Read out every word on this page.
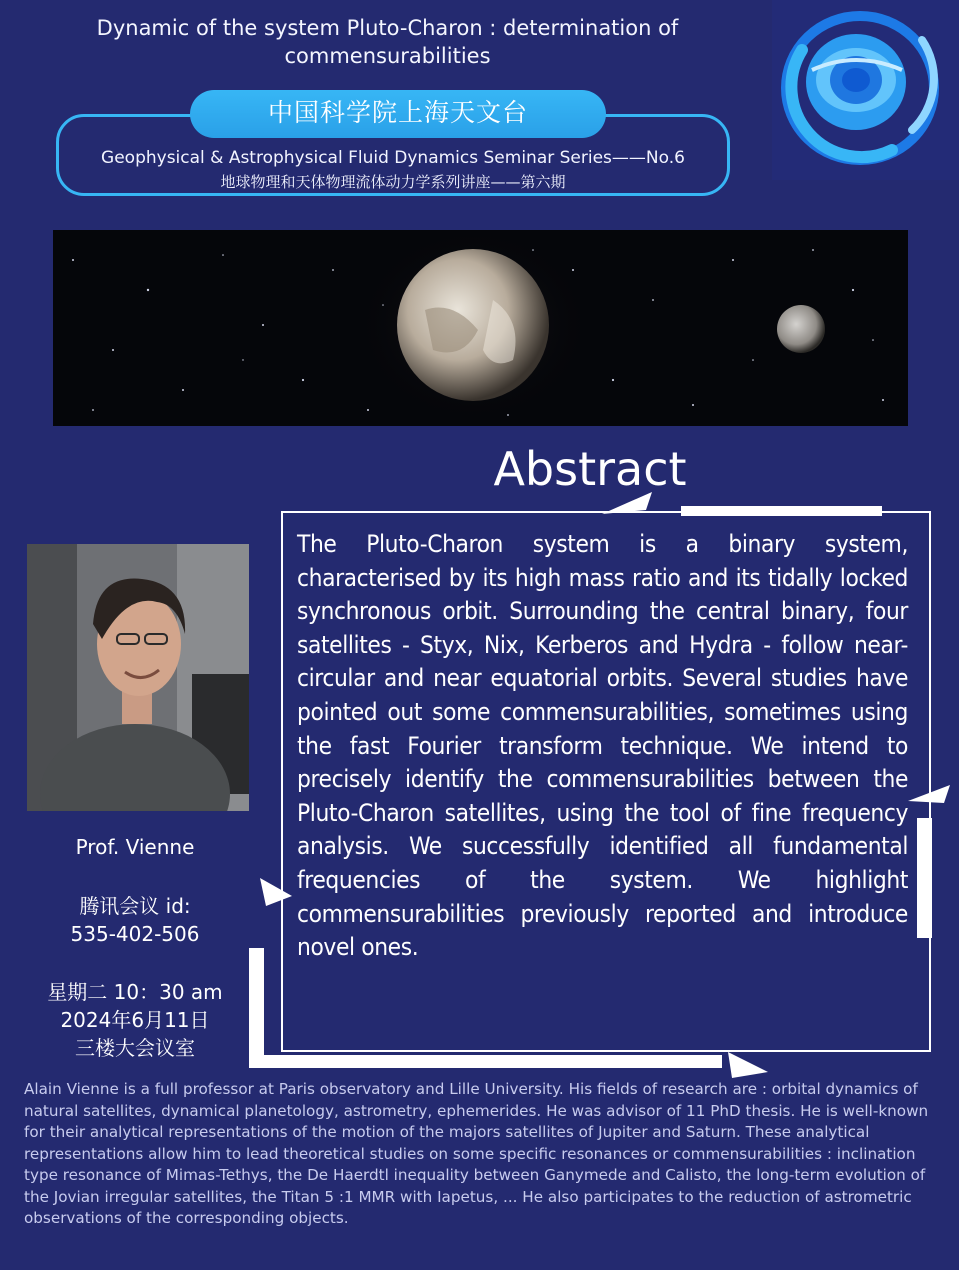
Dynamic of the system Pluto-Charon : determination of commensurabilities
中国科学院上海天文台
Geophysical & Astrophysical Fluid Dynamics Seminar Series——No.6
地球物理和天体物理流体动力学系列讲座——第六期
Abstract
The Pluto-Charon system is a binary system, characterised by its high mass ratio and its tidally locked synchronous orbit. Surrounding the central binary, four satellites - Styx, Nix, Kerberos and Hydra - follow near-circular and near equatorial orbits. Several studies have pointed out some commensurabilities, sometimes using the fast Fourier transform technique. We intend to precisely identify the commensurabilities between the Pluto-Charon satellites, using the tool of fine frequency analysis. We successfully identified all fundamental frequencies of the system. We highlight commensurabilities previously reported and introduce novel ones.
Prof. Vienne
腾讯会议 id:
535-402-506
星期二 10：30 am
2024年6月11日
三楼大会议室
Alain Vienne is a full professor at Paris observatory and Lille University. His fields of research are : orbital dynamics of natural satellites, dynamical planetology, astrometry, ephemerides. He was advisor of 11 PhD thesis. He is well-known for their analytical representations of the motion of the majors satellites of Jupiter and Saturn. These analytical representations allow him to lead theoretical studies on some specific resonances or commensurabilities : inclination type resonance of Mimas-Tethys, the De Haerdtl inequality between Ganymede and Calisto, the long-term evolution of the Jovian irregular satellites, the Titan 5 :1 MMR with Iapetus, ... He also participates to the reduction of astrometric observations of the corresponding objects.
